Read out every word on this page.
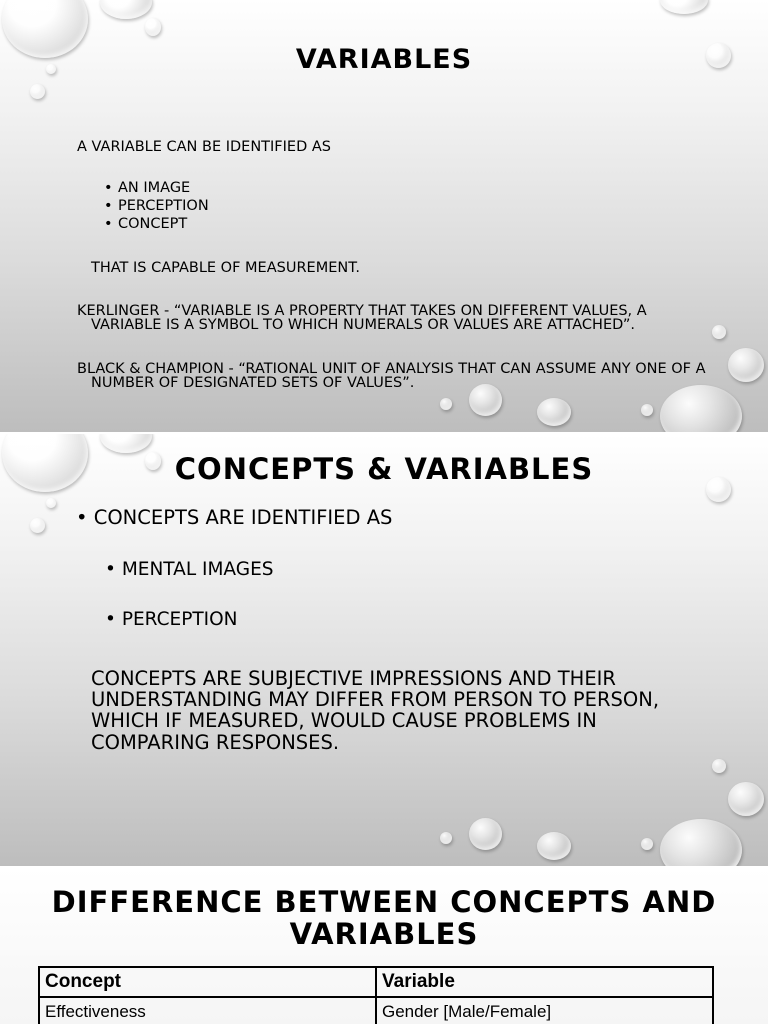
VARIABLES
A VARIABLE CAN BE IDENTIFIED AS
• AN IMAGE
• PERCEPTION
• CONCEPT
THAT IS CAPABLE OF MEASUREMENT.
KERLINGER - “VARIABLE IS A PROPERTY THAT TAKES ON DIFFERENT VALUES, A
VARIABLE IS A SYMBOL TO WHICH NUMERALS OR VALUES ARE ATTACHED”.
BLACK & CHAMPION - “RATIONAL UNIT OF ANALYSIS THAT CAN ASSUME ANY ONE OF A
NUMBER OF DESIGNATED SETS OF VALUES”.
CONCEPTS & VARIABLES
• CONCEPTS ARE IDENTIFIED AS
• MENTAL IMAGES
• PERCEPTION
CONCEPTS ARE SUBJECTIVE IMPRESSIONS AND THEIR
UNDERSTANDING MAY DIFFER FROM PERSON TO PERSON,
WHICH IF MEASURED, WOULD CAUSE PROBLEMS IN
COMPARING RESPONSES.
DIFFERENCE BETWEEN CONCEPTS AND
VARIABLES
Concept	Variable
Effectiveness	Gender [Male/Female]
